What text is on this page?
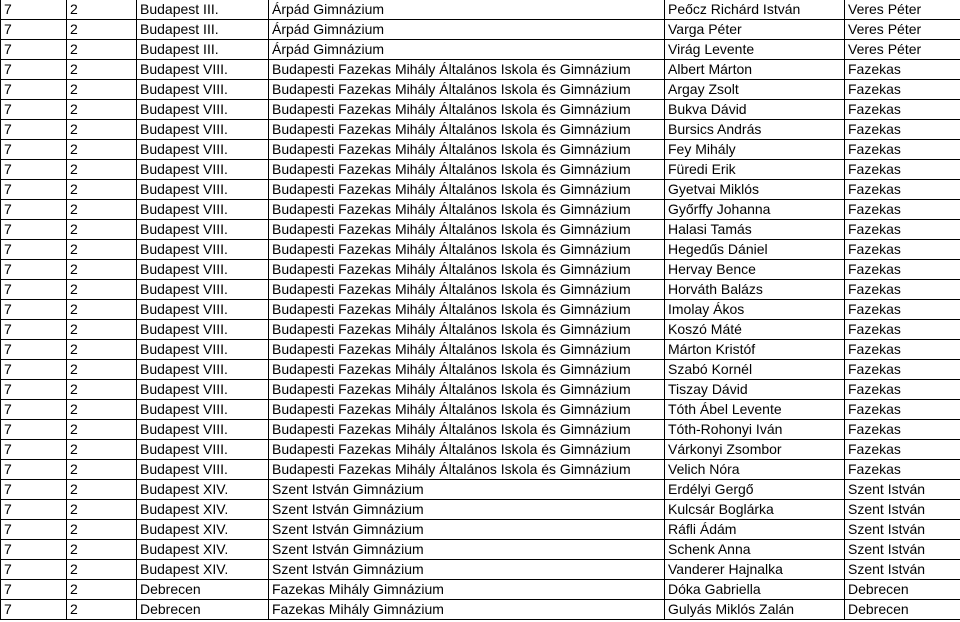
7	2	Budapest III.	Árpád Gimnázium	Peőcz Richárd István	Veres Péter
7	2	Budapest III.	Árpád Gimnázium	Varga Péter	Veres Péter
7	2	Budapest III.	Árpád Gimnázium	Virág Levente	Veres Péter
7	2	Budapest VIII.	Budapesti Fazekas Mihály Általános Iskola és Gimnázium	Albert Márton	Fazekas
7	2	Budapest VIII.	Budapesti Fazekas Mihály Általános Iskola és Gimnázium	Argay Zsolt	Fazekas
7	2	Budapest VIII.	Budapesti Fazekas Mihály Általános Iskola és Gimnázium	Bukva Dávid	Fazekas
7	2	Budapest VIII.	Budapesti Fazekas Mihály Általános Iskola és Gimnázium	Bursics András	Fazekas
7	2	Budapest VIII.	Budapesti Fazekas Mihály Általános Iskola és Gimnázium	Fey Mihály	Fazekas
7	2	Budapest VIII.	Budapesti Fazekas Mihály Általános Iskola és Gimnázium	Füredi Erik	Fazekas
7	2	Budapest VIII.	Budapesti Fazekas Mihály Általános Iskola és Gimnázium	Gyetvai Miklós	Fazekas
7	2	Budapest VIII.	Budapesti Fazekas Mihály Általános Iskola és Gimnázium	Győrffy Johanna	Fazekas
7	2	Budapest VIII.	Budapesti Fazekas Mihály Általános Iskola és Gimnázium	Halasi Tamás	Fazekas
7	2	Budapest VIII.	Budapesti Fazekas Mihály Általános Iskola és Gimnázium	Hegedűs Dániel	Fazekas
7	2	Budapest VIII.	Budapesti Fazekas Mihály Általános Iskola és Gimnázium	Hervay Bence	Fazekas
7	2	Budapest VIII.	Budapesti Fazekas Mihály Általános Iskola és Gimnázium	Horváth Balázs	Fazekas
7	2	Budapest VIII.	Budapesti Fazekas Mihály Általános Iskola és Gimnázium	Imolay Ákos	Fazekas
7	2	Budapest VIII.	Budapesti Fazekas Mihály Általános Iskola és Gimnázium	Koszó Máté	Fazekas
7	2	Budapest VIII.	Budapesti Fazekas Mihály Általános Iskola és Gimnázium	Márton Kristóf	Fazekas
7	2	Budapest VIII.	Budapesti Fazekas Mihály Általános Iskola és Gimnázium	Szabó Kornél	Fazekas
7	2	Budapest VIII.	Budapesti Fazekas Mihály Általános Iskola és Gimnázium	Tiszay Dávid	Fazekas
7	2	Budapest VIII.	Budapesti Fazekas Mihály Általános Iskola és Gimnázium	Tóth Ábel Levente	Fazekas
7	2	Budapest VIII.	Budapesti Fazekas Mihály Általános Iskola és Gimnázium	Tóth-Rohonyi Iván	Fazekas
7	2	Budapest VIII.	Budapesti Fazekas Mihály Általános Iskola és Gimnázium	Várkonyi Zsombor	Fazekas
7	2	Budapest VIII.	Budapesti Fazekas Mihály Általános Iskola és Gimnázium	Velich Nóra	Fazekas
7	2	Budapest XIV.	Szent István Gimnázium	Erdélyi Gergő	Szent István
7	2	Budapest XIV.	Szent István Gimnázium	Kulcsár Boglárka	Szent István
7	2	Budapest XIV.	Szent István Gimnázium	Ráfli Ádám	Szent István
7	2	Budapest XIV.	Szent István Gimnázium	Schenk Anna	Szent István
7	2	Budapest XIV.	Szent István Gimnázium	Vanderer Hajnalka	Szent István
7	2	Debrecen	Fazekas Mihály Gimnázium	Dóka Gabriella	Debrecen
7	2	Debrecen	Fazekas Mihály Gimnázium	Gulyás Miklós Zalán	Debrecen
